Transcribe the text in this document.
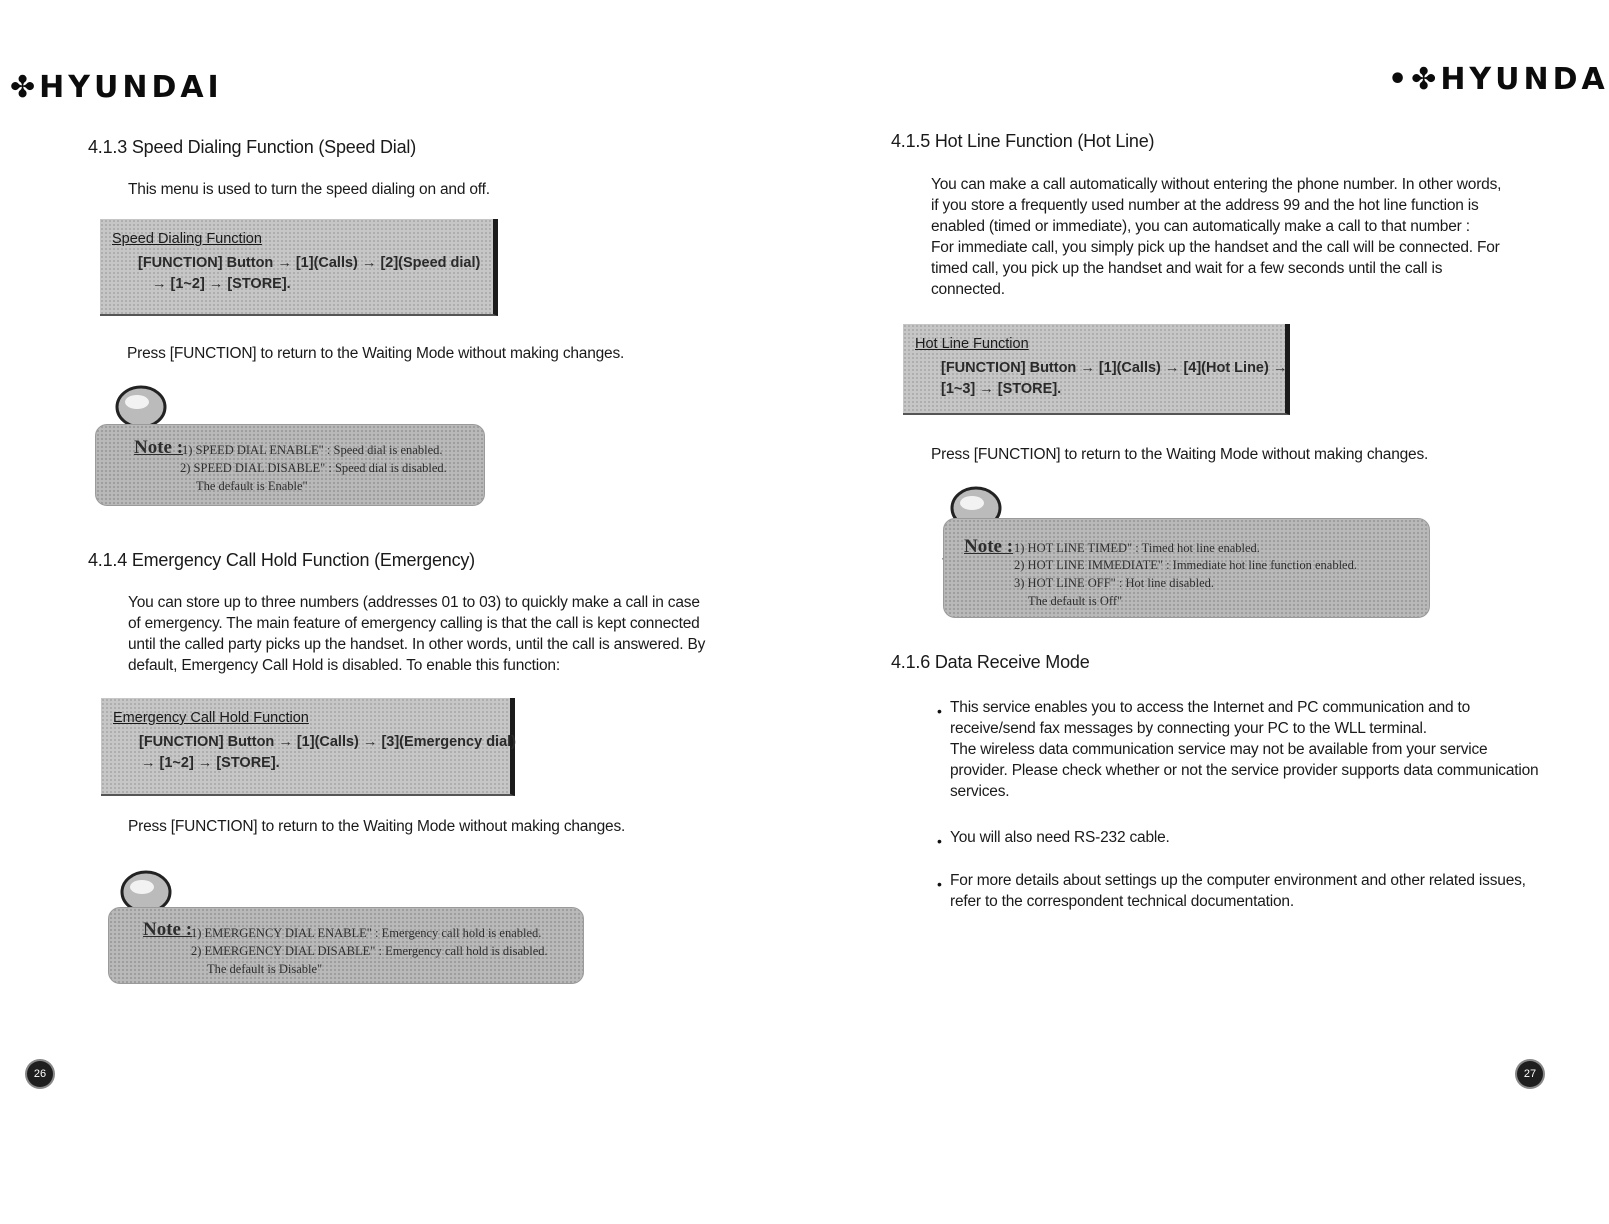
✤HYUNDAI	•✤HYUNDA
4.1.3 Speed Dialing Function (Speed Dial)
This menu is used to turn the speed dialing on and off.
Speed Dialing Function
[FUNCTION] Button → [1](Calls) → [2](Speed dial)
→ [1~2] → [STORE].
Press [FUNCTION] to return to the Waiting Mode without making changes.
Note :
1) SPEED DIAL ENABLE" : Speed dial is enabled.
2) SPEED DIAL DISABLE" : Speed dial is disabled.
The default is Enable"
4.1.4 Emergency Call Hold Function (Emergency)
You can store up to three numbers (addresses 01 to 03) to quickly make a call in case
of emergency. The main feature of emergency calling is that the call is kept connected
until the called party picks up the handset. In other words, until the call is answered. By
default, Emergency Call Hold is disabled. To enable this function:
Emergency Call Hold Function
[FUNCTION] Button → [1](Calls) → [3](Emergency dial)
→ [1~2] → [STORE].
Press [FUNCTION] to return to the Waiting Mode without making changes.
Note :
1) EMERGENCY DIAL ENABLE" : Emergency call hold is enabled.
2) EMERGENCY DIAL DISABLE" : Emergency call hold is disabled.
The default is Disable"
26
4.1.5 Hot Line Function (Hot Line)
You can make a call automatically without entering the phone number. In other words,
if you store a frequently used number at the address 99 and the hot line function is
enabled (timed or immediate), you can automatically make a call to that number :
For immediate call, you simply pick up the handset and the call will be connected. For
timed call, you pick up the handset and wait for a few seconds until the call is
connected.
Hot Line Function
[FUNCTION] Button → [1](Calls) → [4](Hot Line) →
[1~3] → [STORE].
Press [FUNCTION] to return to the Waiting Mode without making changes.
Note : 1) HOT LINE TIMED" : Timed hot line enabled.
2) HOT LINE IMMEDIATE" : Immediate hot line function enabled.
3) HOT LINE OFF" : Hot line disabled.
The default is Off"
4.1.6 Data Receive Mode
• This service enables you to access the Internet and PC communication and to
receive/send fax messages by connecting your PC to the WLL terminal.
The wireless data communication service may not be available from your service
provider. Please check whether or not the service provider supports data communication
services.
• You will also need RS-232 cable.
• For more details about settings up the computer environment and other related issues,
refer to the correspondent technical documentation.
27
